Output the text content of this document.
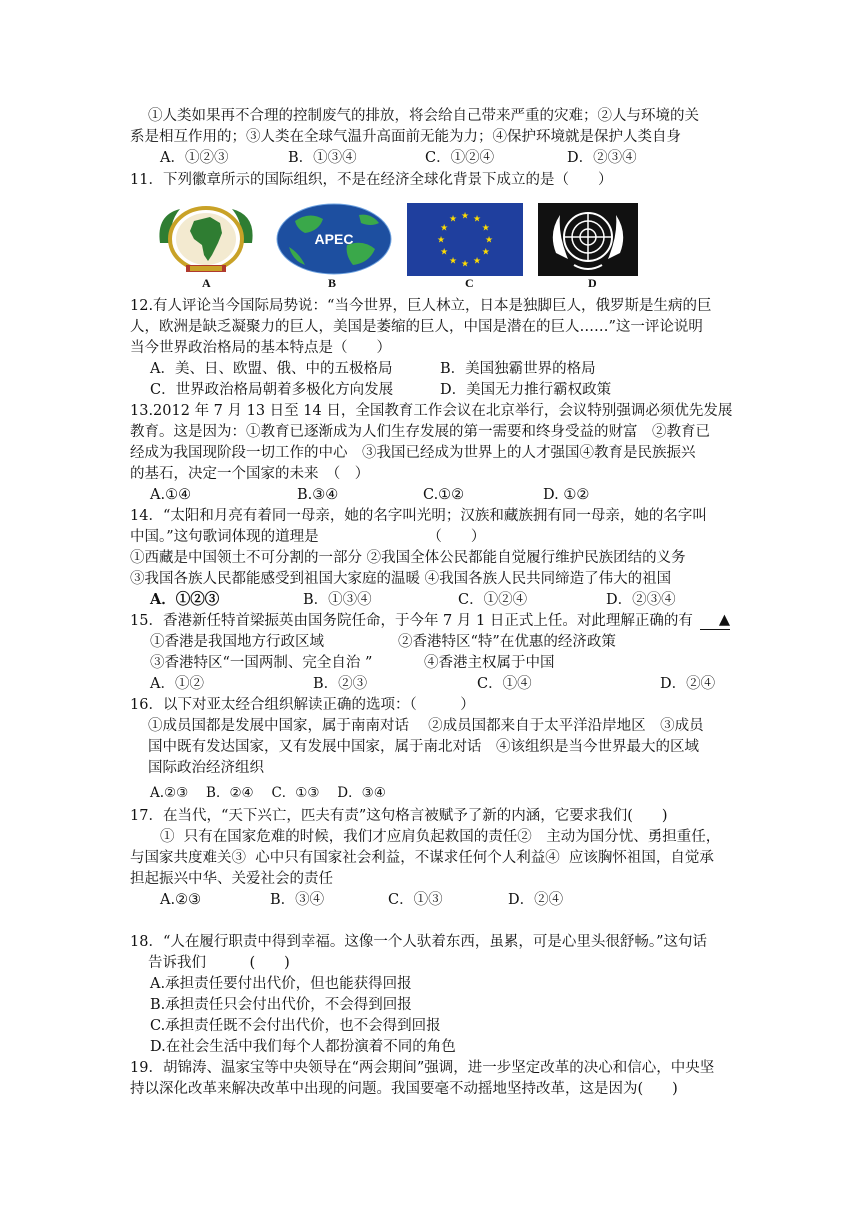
①人类如果再不合理的控制废气的排放，将会给自己带来严重的灾难；②人与环境的关
系是相互作用的；③人类在全球气温升高面前无能为力；④保护环境就是保护人类自身
A．①②③	B．①③④	C．①②④	D．②③④
11．下列徽章所示的国际组织，不是在经济全球化背景下成立的是（　　）
A
APEC
B
★ ★
★
★
★
★
★
★
★
★
★
★
C	D
12.有人评论当今国际局势说：“当今世界，巨人林立，日本是独脚巨人，俄罗斯是生病的巨
人，欧洲是缺乏凝聚力的巨人，美国是萎缩的巨人，中国是潜在的巨人……”这一评论说明
当今世界政治格局的基本特点是（　　）
A．美、日、欧盟、俄、中的五极格局	B．美国独霸世界的格局
C．世界政治格局朝着多极化方向发展	D．美国无力推行霸权政策
13.2012 年 7 月 13 日至 14 日，全国教育工作会议在北京举行，会议特别强调必须优先发展
教育。这是因为：①教育已逐渐成为人们生存发展的第一需要和终身受益的财富　②教育已
经成为我国现阶段一切工作的中心　③我国已经成为世界上的人才强国④教育是民族振兴
的基石，决定一个国家的未来　（　）
A.①④	B.③④	C.①②	D. ①②
14．“太阳和月亮有着同一母亲，她的名字叫光明；汉族和藏族拥有同一母亲，她的名字叫
中国。”这句歌词体现的道理是　　　　　　　　（　　）
①西藏是中国领土不可分割的一部分 ②我国全体公民都能自觉履行维护民族团结的义务
③我国各族人民都能感受到祖国大家庭的温暖 ④我国各族人民共同缔造了伟大的祖国
A．①②③	B．①③④	C．①②④	D．②③④
15．香港新任特首梁振英由国务院任命，于今年 7 月 1 日正式上任。对此理解正确的有	▲
①香港是我国地方行政区域	②香港特区“特”在优惠的经济政策
③香港特区“一国两制、完全自治 ”	④香港主权属于中国
A．①②	B．②③	C．①④	D．②④
16．以下对亚太经合组织解读正确的选项：（　　　）
①成员国都是发展中国家，属于南南对话　 ②成员国都来自于太平洋沿岸地区　③成员
国中既有发达国家，又有发展中国家，属于南北对话　④该组织是当今世界最大的区域
国际政治经济组织
A.②③　 B．②④　 C．①③　 D．③④
17．在当代，“天下兴亡，匹夫有责”这句格言被赋予了新的内涵，它要求我们(　　)
①  只有在国家危难的时候，我们才应肩负起救国的责任②　主动为国分忧、勇担重任，
与国家共度难关③  心中只有国家社会利益，不谋求任何个人利益④  应该胸怀祖国，自觉承
担起振兴中华、关爱社会的责任
A.②③	B．③④	C．①③	D．②④
18．“人在履行职责中得到幸福。这像一个人驮着东西，虽累，可是心里头很舒畅。”这句话
告诉我们　　　(　　)
A.承担责任要付出代价，但也能获得回报
B.承担责任只会付出代价，不会得到回报
C.承担责任既不会付出代价，也不会得到回报
D.在社会生活中我们每个人都扮演着不同的角色
19．胡锦涛、温家宝等中央领导在“两会期间”强调，进一步坚定改革的决心和信心，中央坚
持以深化改革来解决改革中出现的问题。我国要毫不动摇地坚持改革，这是因为(　　)
